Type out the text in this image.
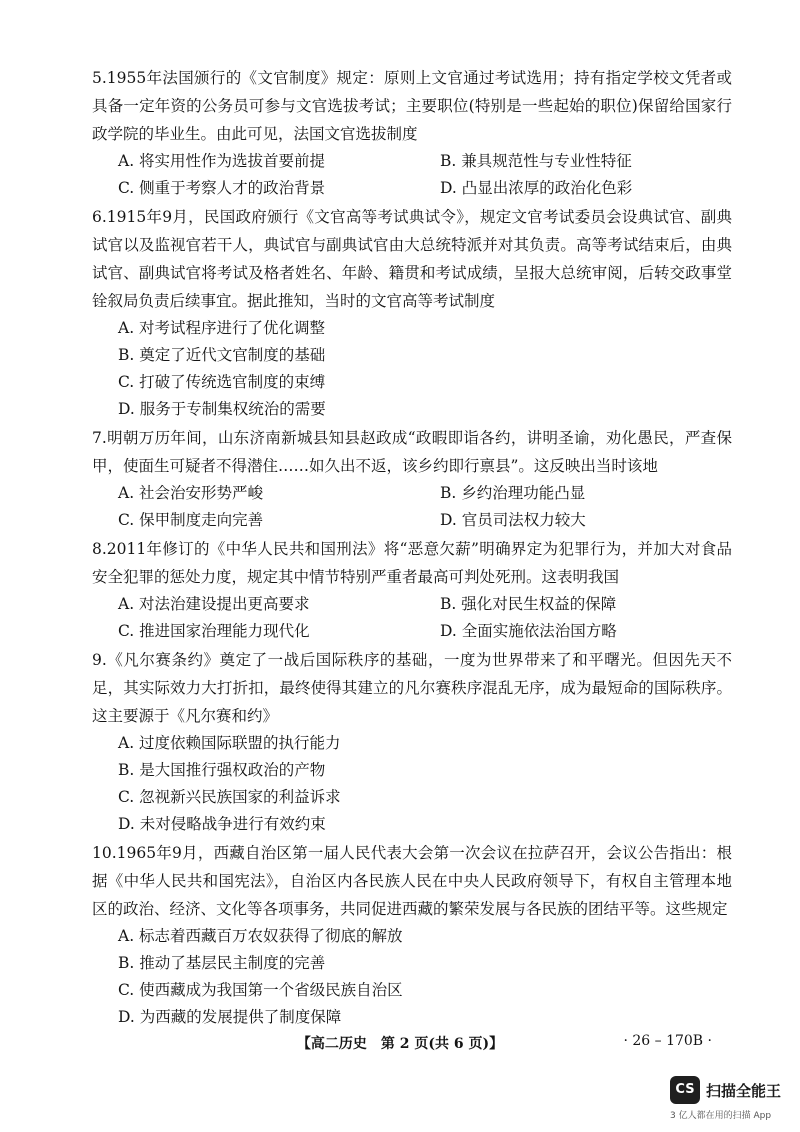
5.1955年法国颁行的《文官制度》规定：原则上文官通过考试选用；持有指定学校文凭者或具备一定年资的公务员可参与文官选拔考试；主要职位(特别是一些起始的职位)保留给国家行政学院的毕业生。由此可见，法国文官选拔制度

A. 将实用性作为选拔首要前提	B. 兼具规范性与专业性特征
C. 侧重于考察人才的政治背景	D. 凸显出浓厚的政治化色彩

6.1915年9月，民国政府颁行《文官高等考试典试令》，规定文官考试委员会设典试官、副典试官以及监视官若干人，典试官与副典试官由大总统特派并对其负责。高等考试结束后，由典试官、副典试官将考试及格者姓名、年龄、籍贯和考试成绩，呈报大总统审阅，后转交政事堂铨叙局负责后续事宜。据此推知，当时的文官高等考试制度

A. 对考试程序进行了优化调整
B. 奠定了近代文官制度的基础
C. 打破了传统选官制度的束缚
D. 服务于专制集权统治的需要

7.明朝万历年间，山东济南新城县知县赵政成“政暇即诣各约，讲明圣谕，劝化愚民，严查保甲，使面生可疑者不得潜住……如久出不返，该乡约即行禀县”。这反映出当时该地

A. 社会治安形势严峻	B. 乡约治理功能凸显
C. 保甲制度走向完善	D. 官员司法权力较大

8.2011年修订的《中华人民共和国刑法》将“恶意欠薪”明确界定为犯罪行为，并加大对食品安全犯罪的惩处力度，规定其中情节特别严重者最高可判处死刑。这表明我国

A. 对法治建设提出更高要求	B. 强化对民生权益的保障
C. 推进国家治理能力现代化	D. 全面实施依法治国方略

9.《凡尔赛条约》奠定了一战后国际秩序的基础，一度为世界带来了和平曙光。但因先天不足，其实际效力大打折扣，最终使得其建立的凡尔赛秩序混乱无序，成为最短命的国际秩序。这主要源于《凡尔赛和约》

A. 过度依赖国际联盟的执行能力
B. 是大国推行强权政治的产物
C. 忽视新兴民族国家的利益诉求
D. 未对侵略战争进行有效约束

10.1965年9月，西藏自治区第一届人民代表大会第一次会议在拉萨召开，会议公告指出：根据《中华人民共和国宪法》，自治区内各民族人民在中央人民政府领导下，有权自主管理本地区的政治、经济、文化等各项事务，共同促进西藏的繁荣发展与各民族的团结平等。这些规定

A. 标志着西藏百万农奴获得了彻底的解放
B. 推动了基层民主制度的完善
C. 使西藏成为我国第一个省级民族自治区
D. 为西藏的发展提供了制度保障
【高二历史　第 2 页(共 6 页)】	· 26 – 170B ·
CS 扫描全能王
3 亿人都在用的扫描 App
